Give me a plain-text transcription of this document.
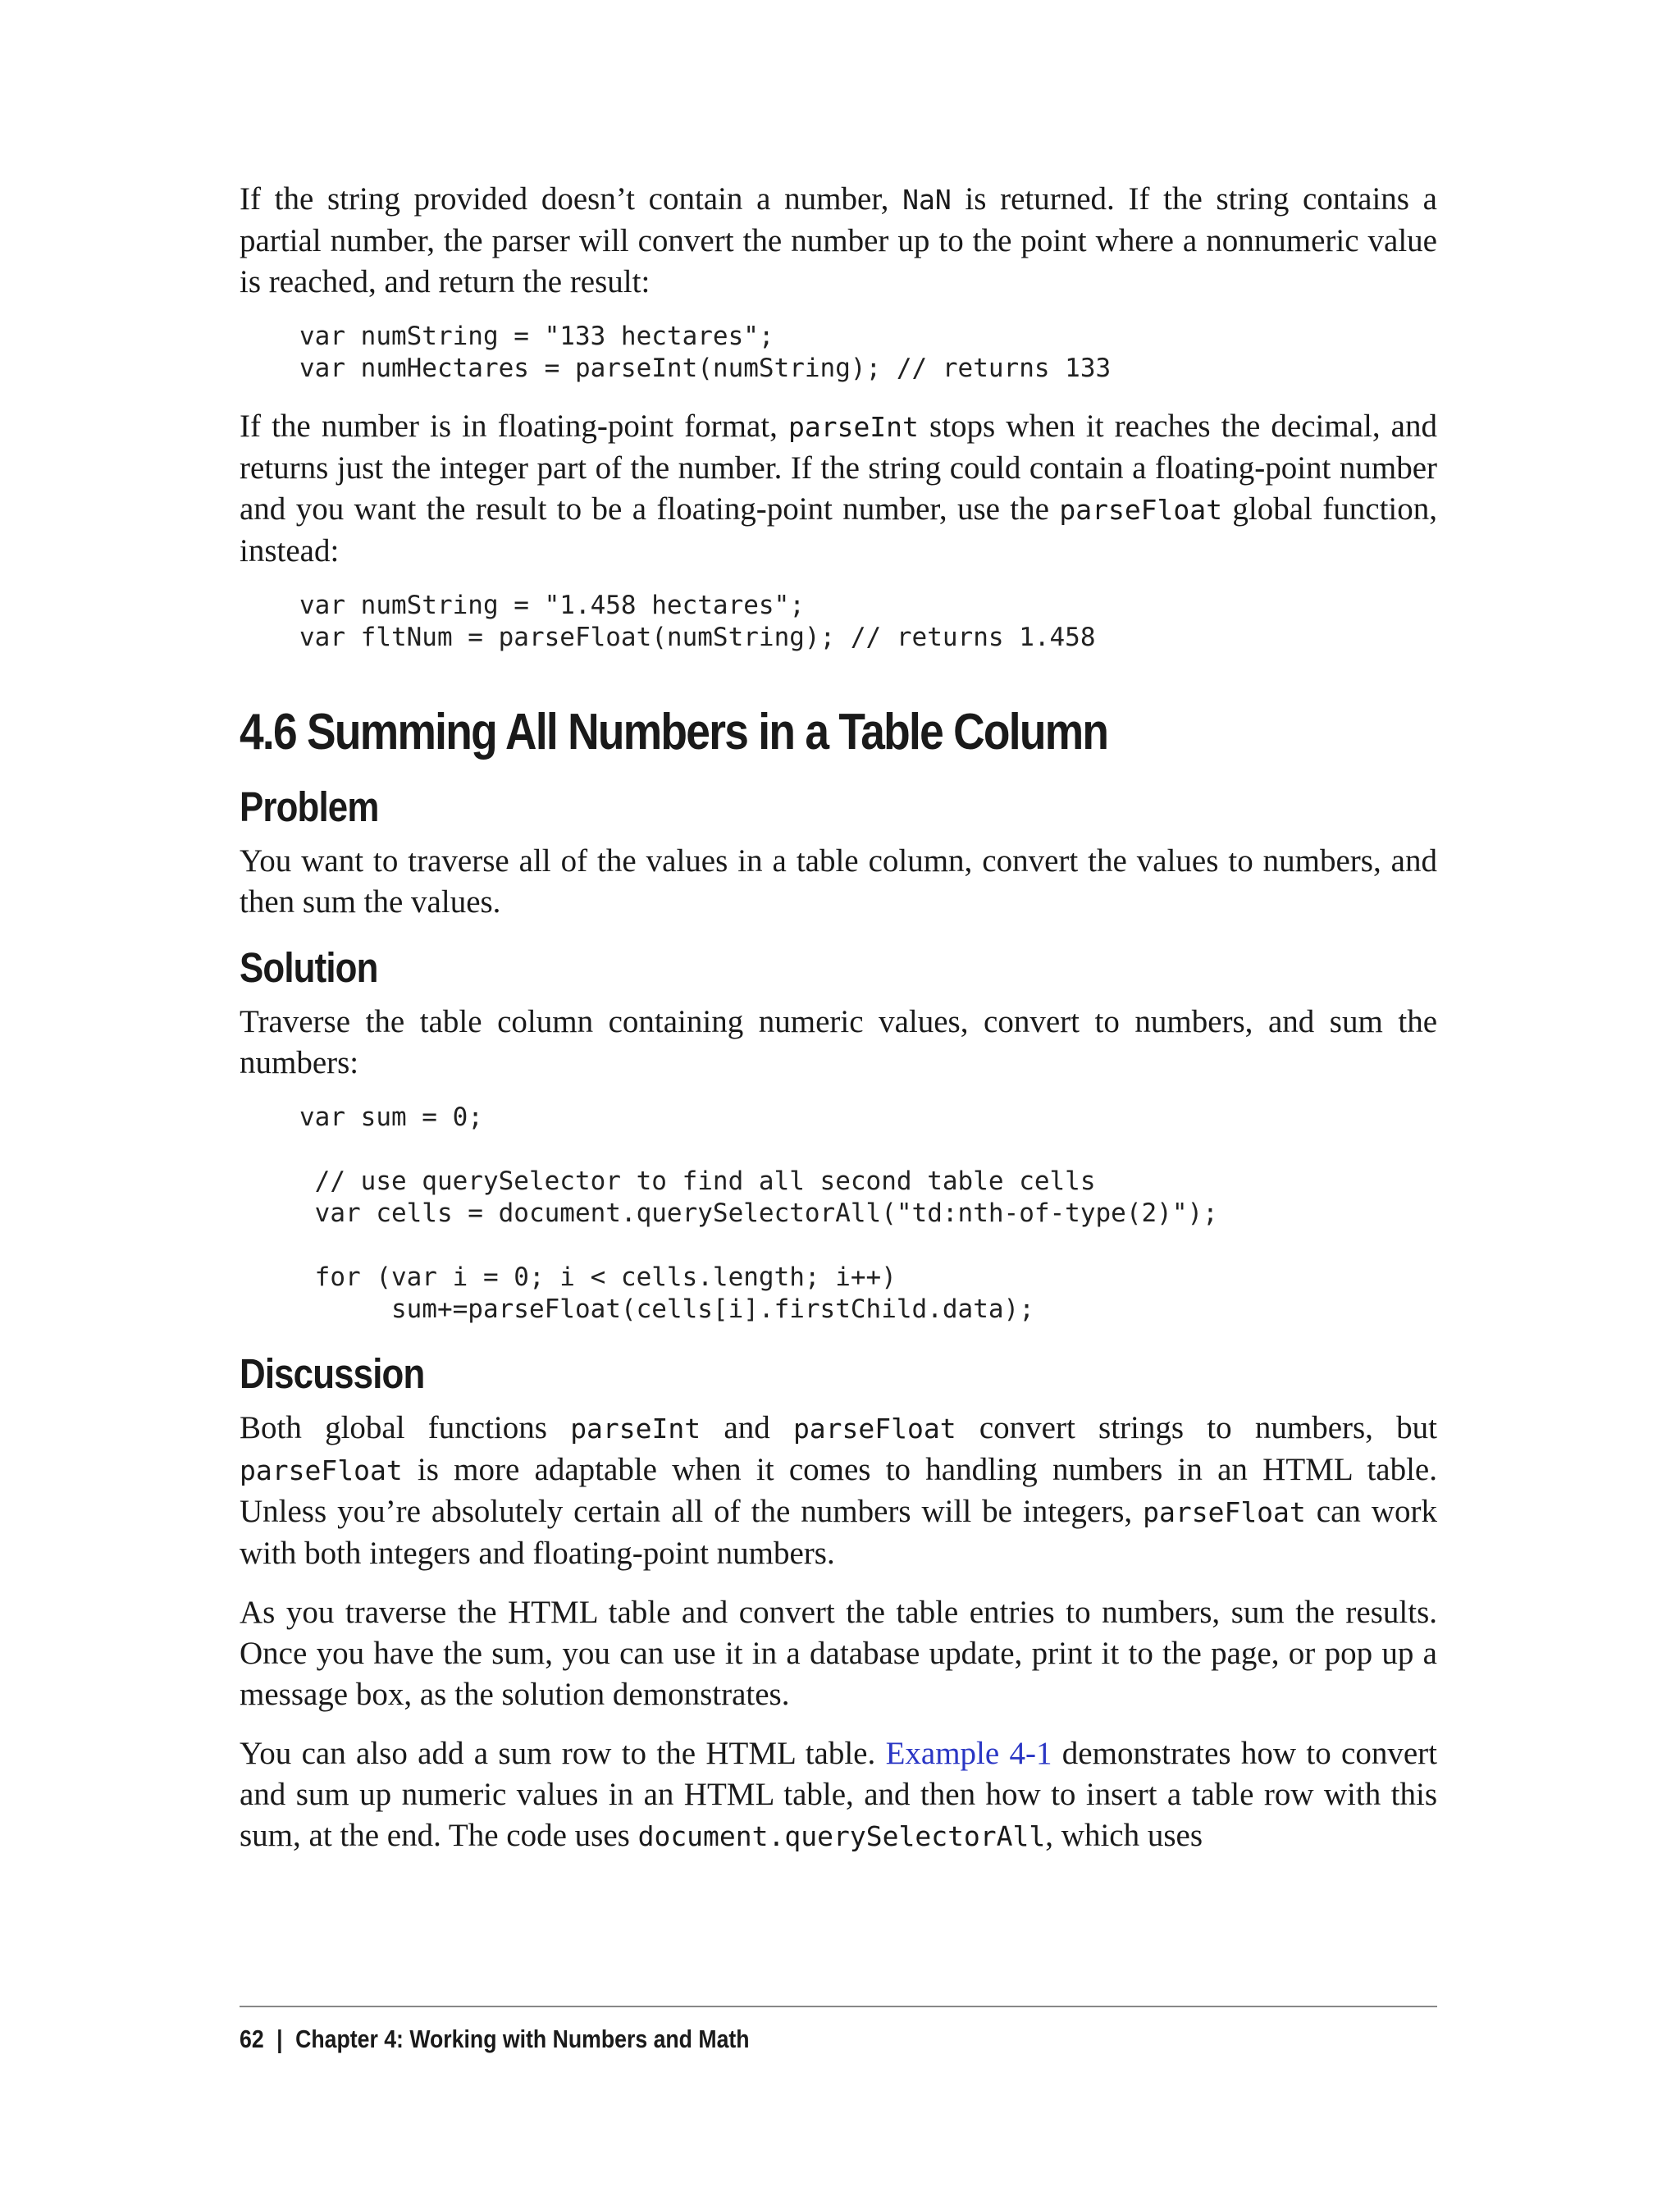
If the string provided doesn’t contain a number, NaN is returned. If the string contains a partial number, the parser will convert the number up to the point where a nonnumeric value is reached, and return the result:

var numString = "133 hectares";
var numHectares = parseInt(numString); // returns 133

If the number is in floating-point format, parseInt stops when it reaches the decimal, and returns just the integer part of the number. If the string could contain a floating-point number and you want the result to be a floating-point number, use the parseFloat global function, instead:

var numString = "1.458 hectares";
var fltNum = parseFloat(numString); // returns 1.458
4.6 Summing All Numbers in a Table Column
Problem

You want to traverse all of the values in a table column, convert the values to numbers, and then sum the values.

Solution

Traverse the table column containing numeric values, convert to numbers, and sum the numbers:

var sum = 0;

// use querySelector to find all second table cells
var cells = document.querySelectorAll("td:nth-of-type(2)");

for (var i = 0; i < cells.length; i++)
sum+=parseFloat(cells[i].firstChild.data);
Discussion

Both global functions parseInt and parseFloat convert strings to numbers, but parseFloat is more adaptable when it comes to handling numbers in an HTML table. Unless you’re absolutely certain all of the numbers will be integers, parseFloat can work with both integers and floating-point numbers.

As you traverse the HTML table and convert the table entries to numbers, sum the results. Once you have the sum, you can use it in a database update, print it to the page, or pop up a message box, as the solution demonstrates.

You can also add a sum row to the HTML table. Example 4-1 demonstrates how to convert and sum up numeric values in an HTML table, and then how to insert a table row with this sum, at the end. The code uses document.querySelectorAll, which uses

62 | Chapter 4: Working with Numbers and Math
